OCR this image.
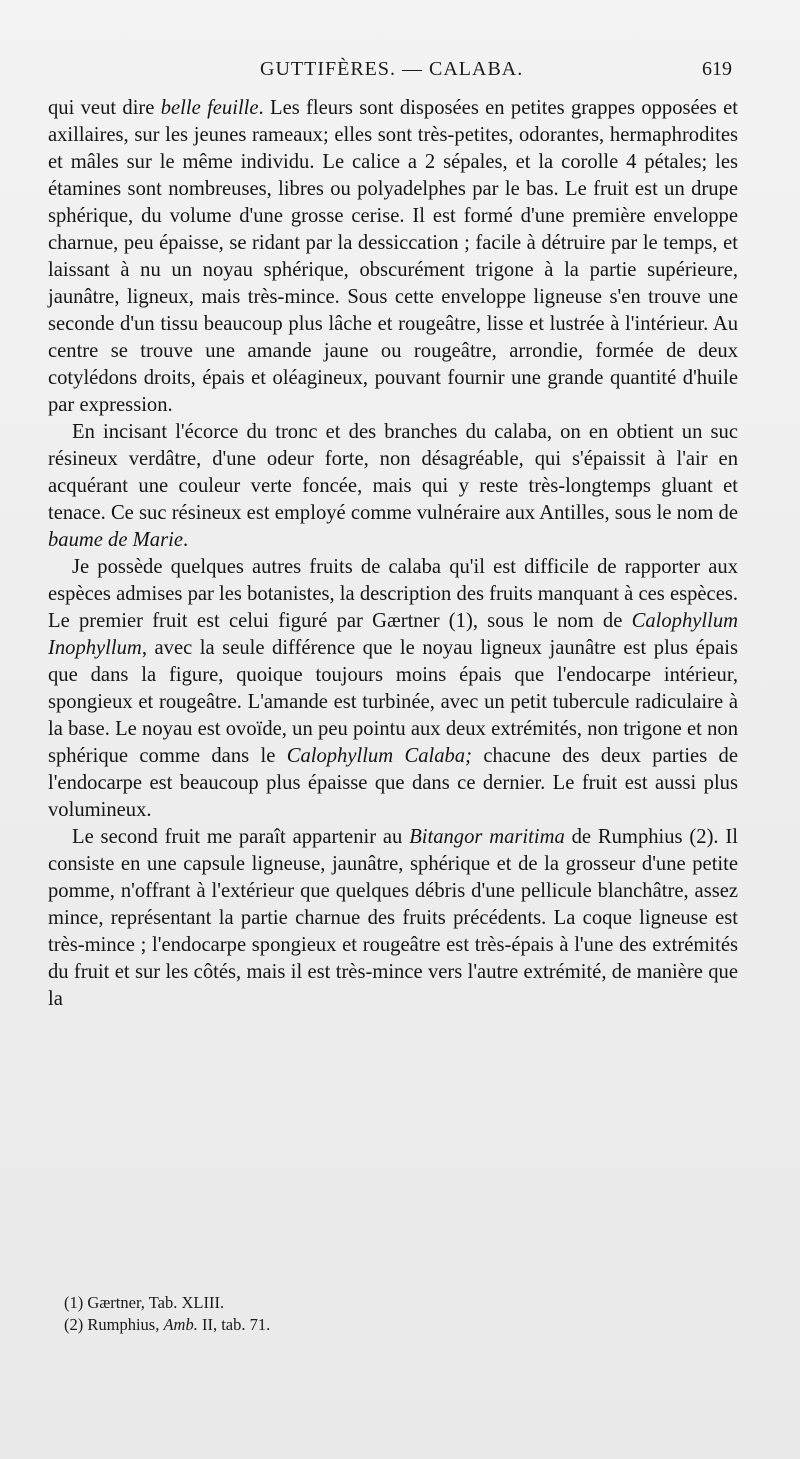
GUTTIFÈRES. — CALABA.	619

qui veut dire belle feuille. Les fleurs sont disposées en petites grappes opposées et axillaires, sur les jeunes rameaux; elles sont très-petites, odorantes, hermaphrodites et mâles sur le même individu. Le calice a 2 sépales, et la corolle 4 pétales; les étamines sont nombreuses, libres ou polyadelphes par le bas. Le fruit est un drupe sphérique, du volume d'une grosse cerise. Il est formé d'une première enveloppe charnue, peu épaisse, se ridant par la dessiccation ; facile à détruire par le temps, et laissant à nu un noyau sphérique, obscurément trigone à la partie supérieure, jaunâtre, ligneux, mais très-mince. Sous cette enveloppe ligneuse s'en trouve une seconde d'un tissu beaucoup plus lâche et rougeâtre, lisse et lustrée à l'intérieur. Au centre se trouve une amande jaune ou rougeâtre, arrondie, formée de deux cotylédons droits, épais et oléagineux, pouvant fournir une grande quantité d'huile par expression.

En incisant l'écorce du tronc et des branches du calaba, on en obtient un suc résineux verdâtre, d'une odeur forte, non désagréable, qui s'épaissit à l'air en acquérant une couleur verte foncée, mais qui y reste très-longtemps gluant et tenace. Ce suc résineux est employé comme vulnéraire aux Antilles, sous le nom de baume de Marie.

Je possède quelques autres fruits de calaba qu'il est difficile de rapporter aux espèces admises par les botanistes, la description des fruits manquant à ces espèces. Le premier fruit est celui figuré par Gærtner (1), sous le nom de Calophyllum Inophyllum, avec la seule différence que le noyau ligneux jaunâtre est plus épais que dans la figure, quoique toujours moins épais que l'endocarpe intérieur, spongieux et rougeâtre. L'amande est turbinée, avec un petit tubercule radiculaire à la base. Le noyau est ovoïde, un peu pointu aux deux extrémités, non trigone et non sphérique comme dans le Calophyllum Calaba; chacune des deux parties de l'endocarpe est beaucoup plus épaisse que dans ce dernier. Le fruit est aussi plus volumineux.

Le second fruit me paraît appartenir au Bitangor maritima de Rumphius (2). Il consiste en une capsule ligneuse, jaunâtre, sphérique et de la grosseur d'une petite pomme, n'offrant à l'extérieur que quelques débris d'une pellicule blanchâtre, assez mince, représentant la partie charnue des fruits précédents. La coque ligneuse est très-mince ; l'endocarpe spongieux et rougeâtre est très-épais à l'une des extrémités du fruit et sur les côtés, mais il est très-mince vers l'autre extrémité, de manière que la

(1) Gærtner, Tab. XLIII.

(2) Rumphius, Amb. II, tab. 71.
